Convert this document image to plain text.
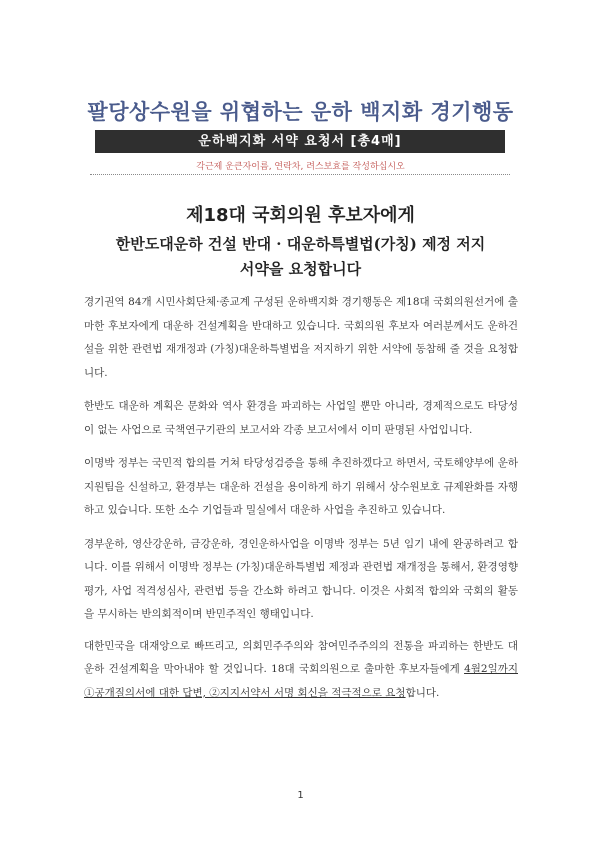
팔당상수원을 위협하는 운하 백지화 경기행동
운하백지화 서약 요청서 [총4매]
각근제 운큰자이름, 연락차, 려스보효를 작성하십시오
제18대 국회의원 후보자에게
한반도대운하 건설 반대 · 대운하특별법(가칭) 제정 저지
서약을 요청합니다

경기권역 84개 시민사회단체·종교계 구성된 운하백지화 경기행동은 제18대 국회의원선거에 출마한 후보자에게 대운하 건설계획을 반대하고 있습니다. 국회의원 후보자 여러분께서도 운하건설을 위한 관련법 재개정과 (가칭)대운하특별법을 저지하기 위한 서약에 동참해 줄 것을 요청합니다.

한반도 대운하 계획은 문화와 역사 환경을 파괴하는 사업일 뿐만 아니라, 경제적으로도 타당성이 없는 사업으로 국책연구기관의 보고서와 각종 보고서에서 이미 판명된 사업입니다.

이명박 정부는 국민적 합의를 거쳐 타당성검증을 통해 추진하겠다고 하면서, 국토해양부에 운하지원팀을 신설하고, 환경부는 대운하 건설을 용이하게 하기 위해서 상수원보호 규제완화를 자행하고 있습니다. 또한 소수 기업들과 밀실에서 대운하 사업을 추진하고 있습니다.

경부운하, 영산강운하, 금강운하, 경인운하사업을 이명박 정부는 5년 임기 내에 완공하려고 합니다. 이를 위해서 이명박 정부는 (가칭)대운하특별법 제정과 관련법 재개정을 통해서, 환경영향평가, 사업 적격성심사, 관련법 등을 간소화 하려고 합니다. 이것은 사회적 합의와 국회의 활동을 무시하는 반의회적이며 반민주적인 행태입니다.

대한민국을 대재앙으로 빠뜨리고, 의회민주주의와 참여민주주의의 전통을 파괴하는 한반도 대운하 건설계획을 막아내야 할 것입니다. 18대 국회의원으로 출마한 후보자들에게 4월2일까지 ①공개질의서에 대한 답변, ②지지서약서 서명 회신을 적극적으로 요청합니다.

1
